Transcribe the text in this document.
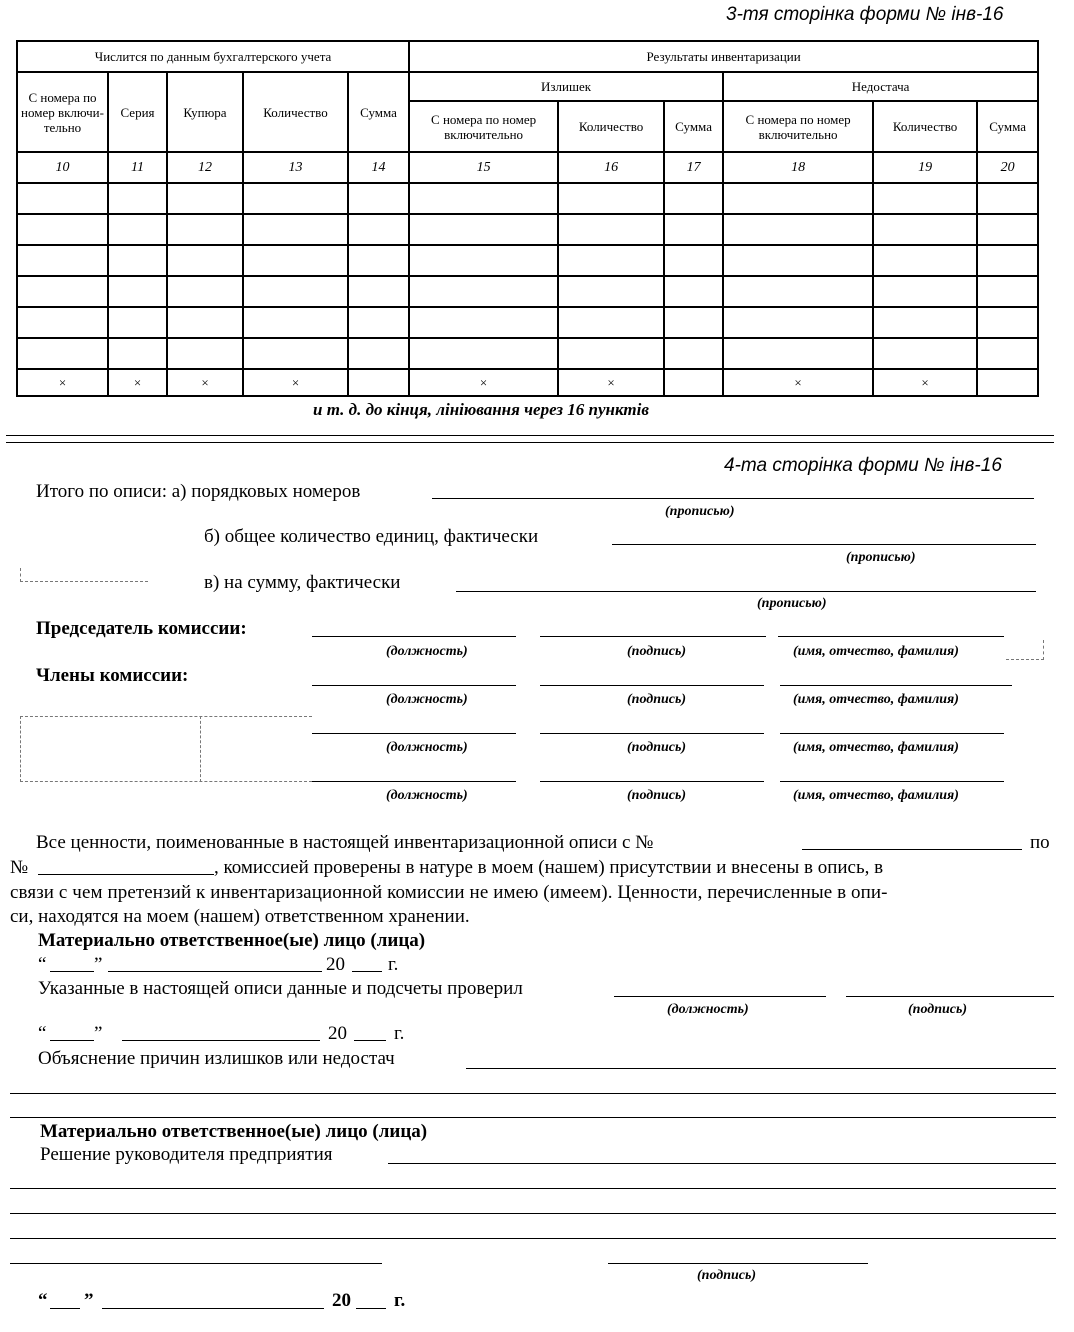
3-тя сторінка форми № інв-16
Числится по данным бухгалтерского учета					Результаты инвентаризации					
С номера по номер включи-тельно	Серия	Купюра	Количество	Сумма	Излишек			Недостача		
					С номера по номер включительно	Количество	Сумма	С номера по номер включительно	Количество	Сумма
10	11	12	13	14	15	16	17	18	19	20

×	×	×	×		×	×		×	×	
и т. д. до кінця, лініювання через 16 пунктів
4-та сторінка форми № інв-16
Итого по описи: а) порядковых номеров
(прописью)
б) общее количество единиц, фактически
(прописью)
в) на сумму, фактически
(прописью)
Председатель комиссии:
(должность)	(подпись)	(имя, отчество, фамилия)
Члены комиссии:
(должность)	(подпись)	(имя, отчество, фамилия)
(должность)	(подпись)	(имя, отчество, фамилия)
(должность)	(подпись)	(имя, отчество, фамилия)
Все ценности, поименованные в настоящей инвентаризационной описи с №	по
№	, комиссией проверены в натуре в моем (нашем) присутствии и внесены в опись, в
связи с чем претензий к инвентаризационной комиссии не имею (имеем). Ценности, перечисленные в опи-
си, находятся на моем (нашем) ответственном хранении.
Материально ответственное(ые) лицо (лица)
“	”	20 г.
Указанные в настоящей описи данные и подсчеты проверил
(должность)	(подпись)
“	”	20 г.
Объяснение причин излишков или недостач
Материально ответственное(ые) лицо (лица)
Решение руководителя предприятия
(подпись)
“ ”	20 г.
